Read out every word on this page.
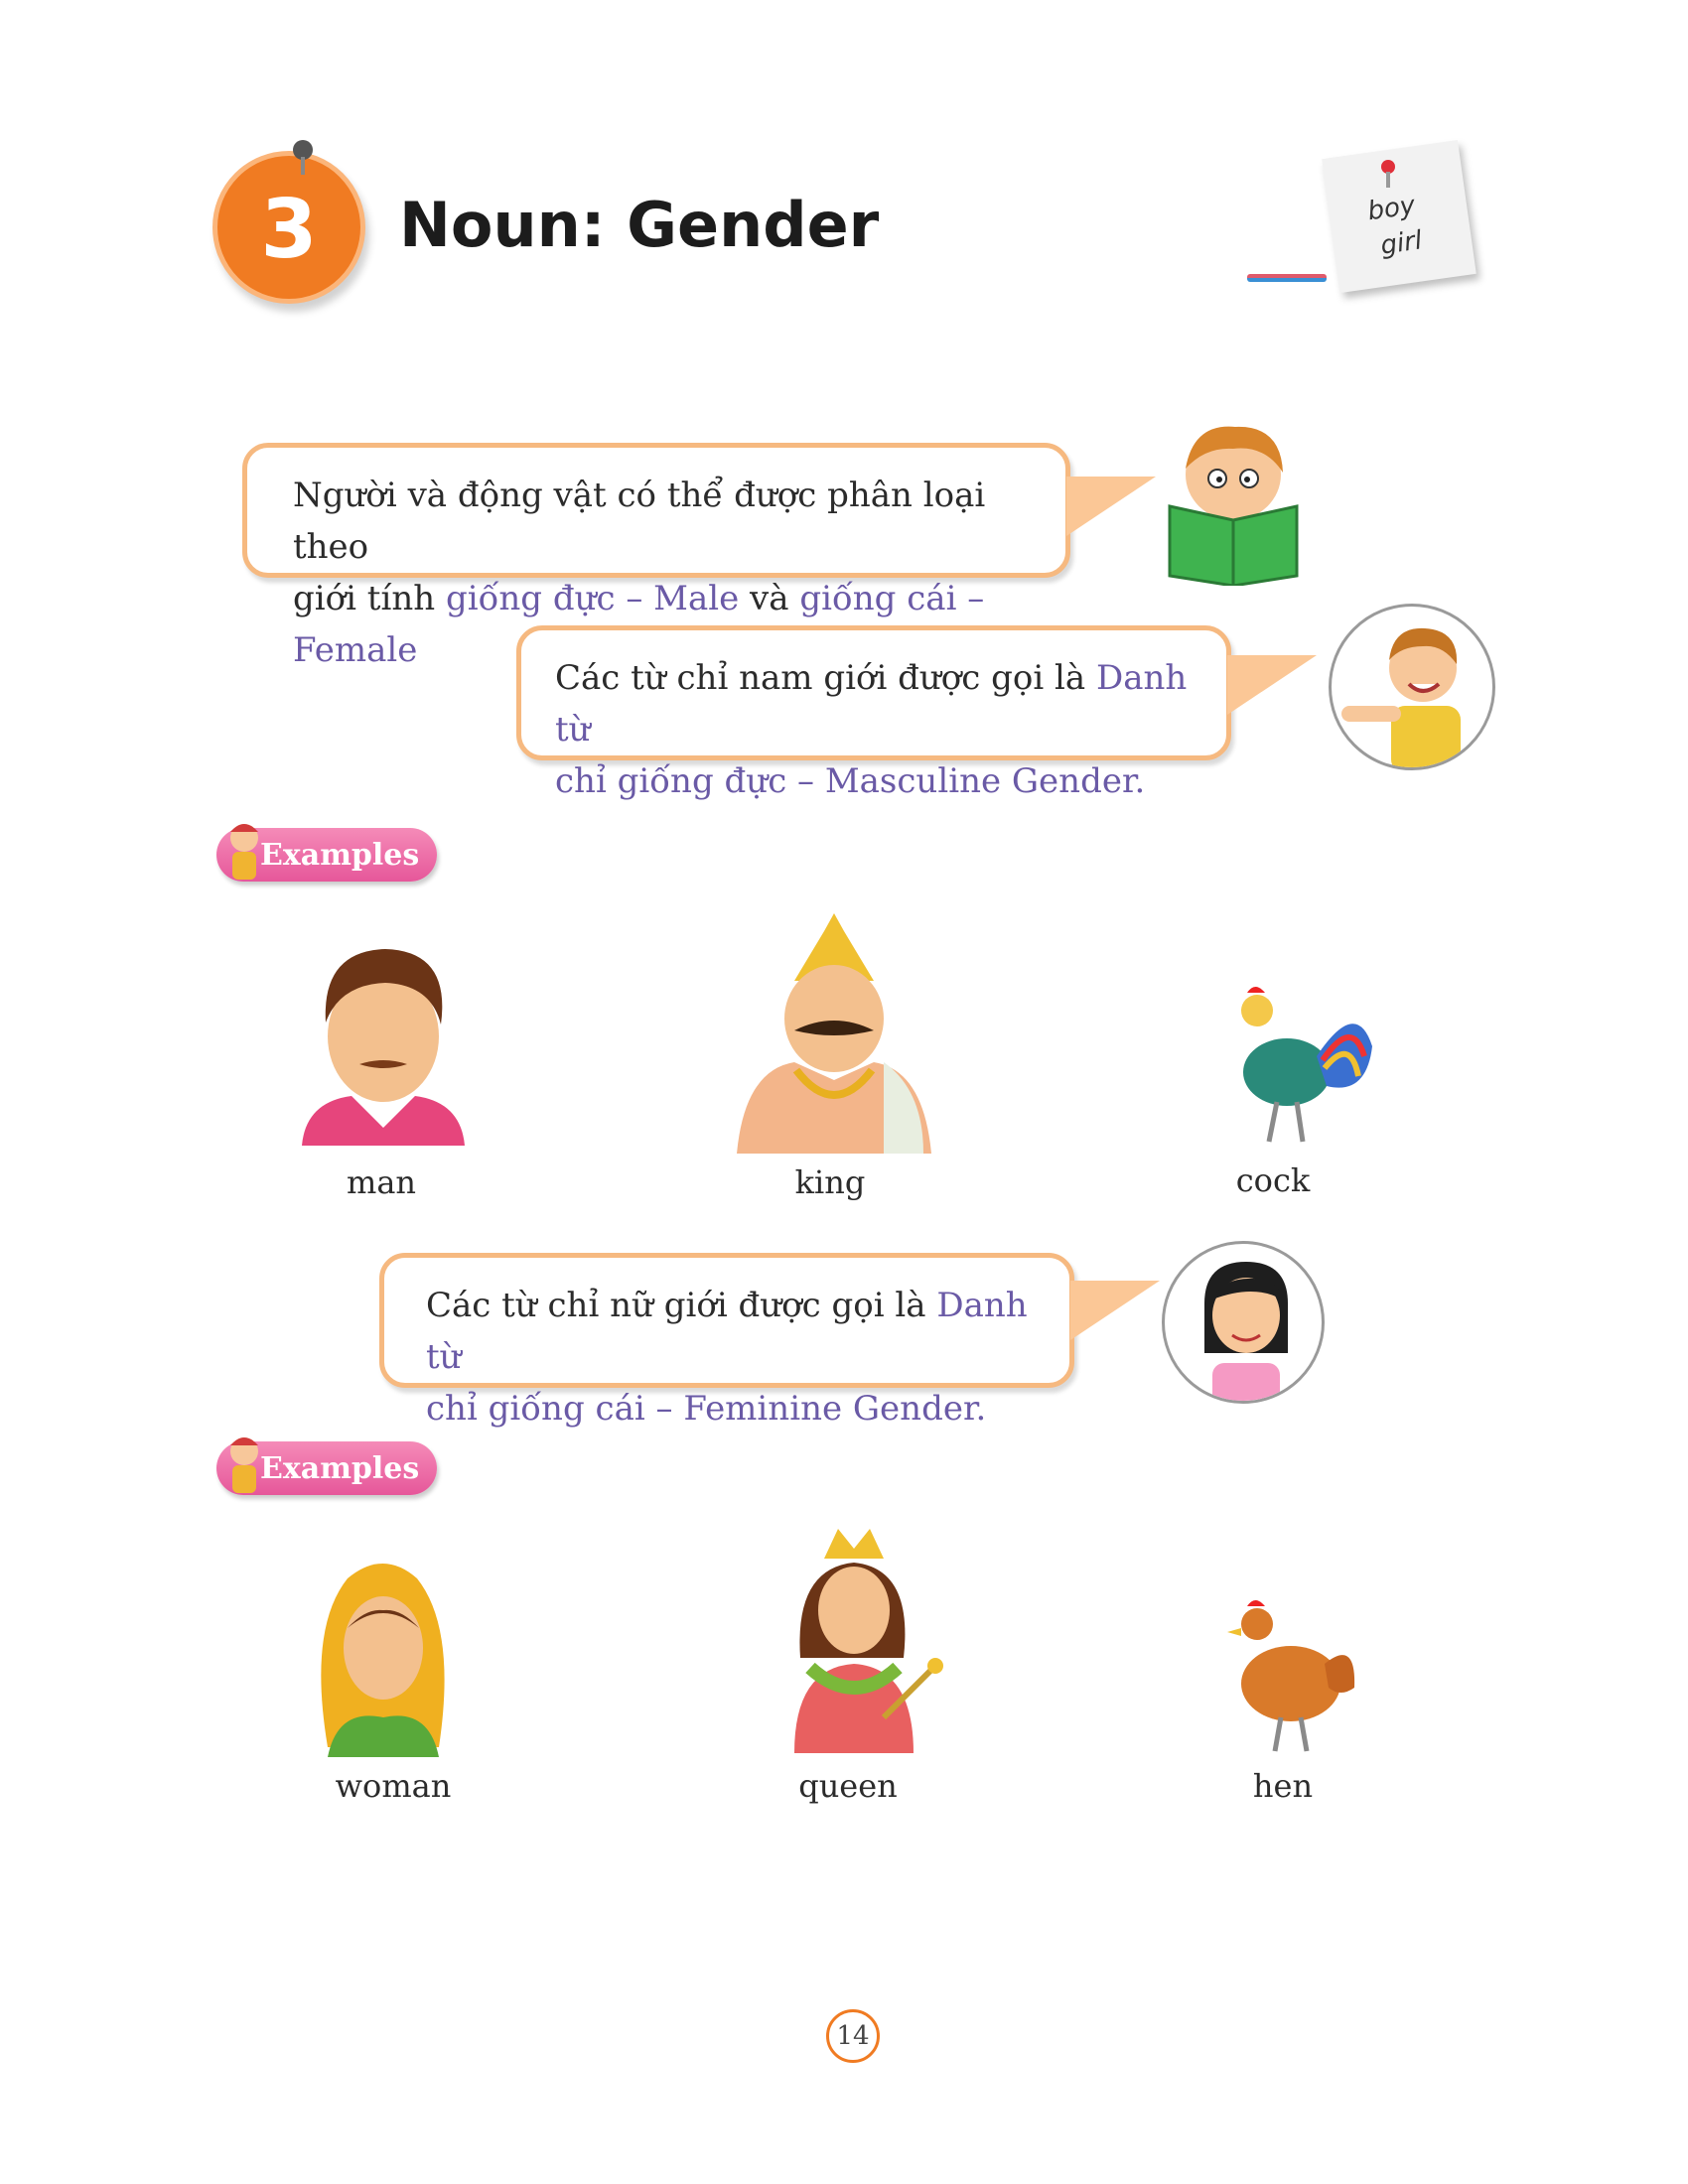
3 Noun: Gender	boy
girl
Người và động vật có thể được phân loại theo
giới tính giống đực – Male và giống cái – Female
Các từ chỉ nam giới được gọi là Danh từ
chỉ giống đực – Masculine Gender.
Examples
man	king	cock
Các từ chỉ nữ giới được gọi là Danh từ
chỉ giống cái – Feminine Gender.
Examples
woman	queen	hen
14
